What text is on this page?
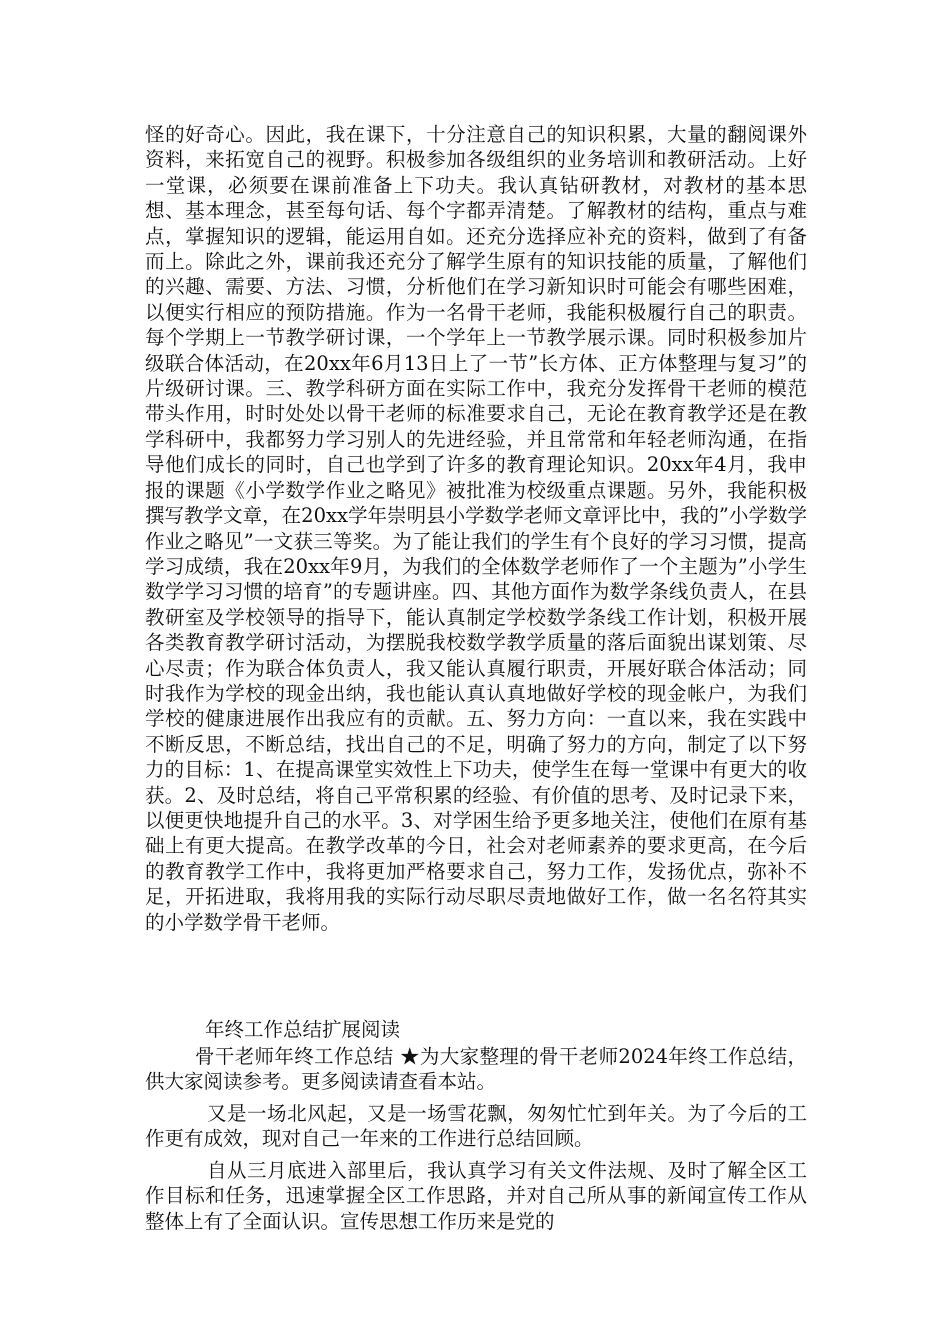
怪的好奇心。因此，我在课下，十分注意自己的知识积累，大量的翻阅课外资料，来拓宽自己的视野。积极参加各级组织的业务培训和教研活动。上好一堂课，必须要在课前准备上下功夫。我认真钻研教材，对教材的基本思想、基本理念，甚至每句话、每个字都弄清楚。了解教材的结构，重点与难点，掌握知识的逻辑，能运用自如。还充分选择应补充的资料，做到了有备而上。除此之外，课前我还充分了解学生原有的知识技能的质量，了解他们的兴趣、需要、方法、习惯，分析他们在学习新知识时可能会有哪些困难，以便实行相应的预防措施。作为一名骨干老师，我能积极履行自己的职责。每个学期上一节教学研讨课，一个学年上一节教学展示课。同时积极参加片级联合体活动，在20xx年6月13日上了一节”长方体、正方体整理与复习”的片级研讨课。三、教学科研方面在实际工作中，我充分发挥骨干老师的模范带头作用，时时处处以骨干老师的标准要求自己，无论在教育教学还是在教学科研中，我都努力学习别人的先进经验，并且常常和年轻老师沟通，在指导他们成长的同时，自己也学到了许多的教育理论知识。20xx年4月，我申报的课题《小学数学作业之略见》被批准为校级重点课题。另外，我能积极撰写教学文章，在20xx学年崇明县小学数学老师文章评比中，我的”小学数学作业之略见”一文获三等奖。为了能让我们的学生有个良好的学习习惯，提高学习成绩，我在20xx年9月，为我们的全体数学老师作了一个主题为”小学生数学学习习惯的培育”的专题讲座。四、其他方面作为数学条线负责人，在县教研室及学校领导的指导下，能认真制定学校数学条线工作计划，积极开展各类教育教学研讨活动，为摆脱我校数学教学质量的落后面貌出谋划策、尽心尽责；作为联合体负责人，我又能认真履行职责，开展好联合体活动；同时我作为学校的现金出纳，我也能认真认真地做好学校的现金帐户，为我们学校的健康进展作出我应有的贡献。五、努力方向：一直以来，我在实践中不断反思，不断总结，找出自己的不足，明确了努力的方向，制定了以下努力的目标：1、在提高课堂实效性上下功夫，使学生在每一堂课中有更大的收获。2、及时总结，将自己平常积累的经验、有价值的思考、及时记录下来，以便更快地提升自己的水平。3、对学困生给予更多地关注，使他们在原有基础上有更大提高。在教学改革的今日，社会对老师素养的要求更高，在今后的教育教学工作中，我将更加严格要求自己，努力工作，发扬优点，弥补不足，开拓进取，我将用我的实际行动尽职尽责地做好工作，做一名名符其实的小学数学骨干老师。

年终工作总结扩展阅读

骨干老师年终工作总结 ★为大家整理的骨干老师2024年终工作总结，供大家阅读参考。更多阅读请查看本站。

又是一场北风起，又是一场雪花飘，匆匆忙忙到年关。为了今后的工作更有成效，现对自己一年来的工作进行总结回顾。

自从三月底进入部里后，我认真学习有关文件法规、及时了解全区工作目标和任务，迅速掌握全区工作思路，并对自己所从事的新闻宣传工作从整体上有了全面认识。宣传思想工作历来是党的
